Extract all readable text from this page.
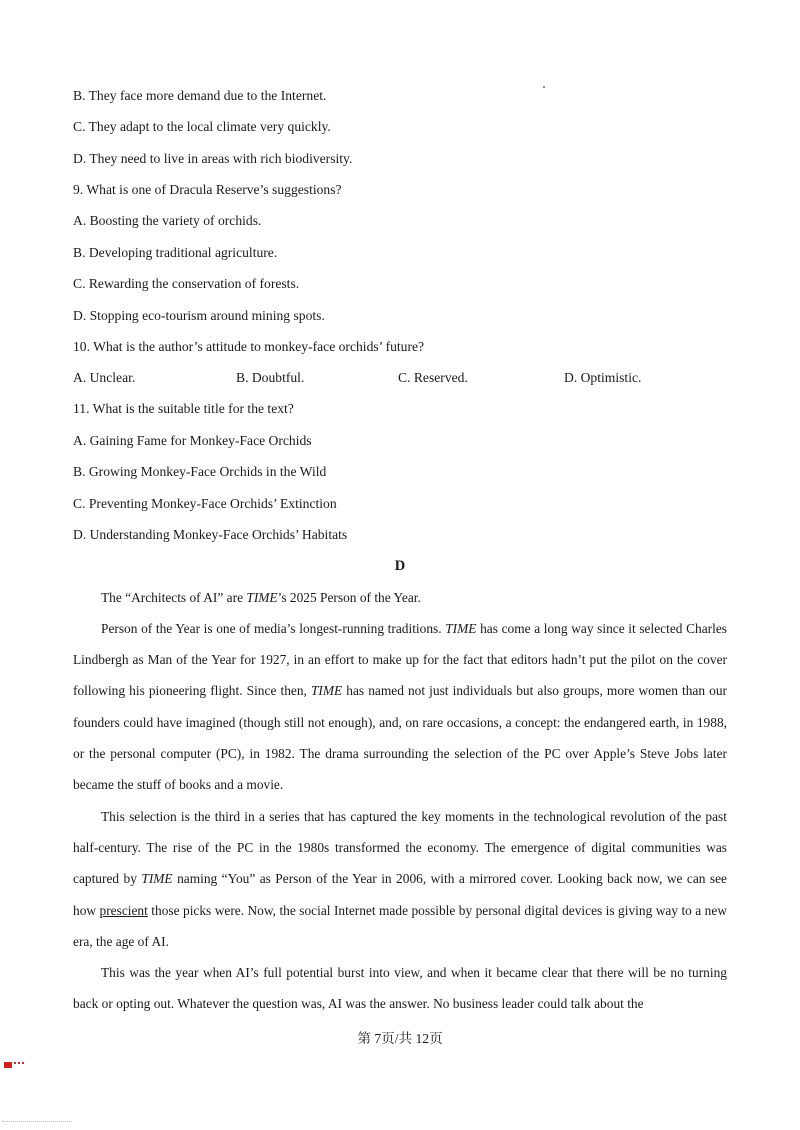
B. They face more demand due to the Internet.
C. They adapt to the local climate very quickly.
D. They need to live in areas with rich biodiversity.
9. What is one of Dracula Reserve’s suggestions?
A. Boosting the variety of orchids.
B. Developing traditional agriculture.
C. Rewarding the conservation of forests.
D. Stopping eco-tourism around mining spots.
10. What is the author’s attitude to monkey-face orchids’ future?
A. Unclear.	B. Doubtful.	C. Reserved.	D. Optimistic.
11. What is the suitable title for the text?
A. Gaining Fame for Monkey-Face Orchids
B. Growing Monkey-Face Orchids in the Wild
C. Preventing Monkey-Face Orchids’ Extinction
D. Understanding Monkey-Face Orchids’ Habitats
D

The “Architects of AI” are TIME’s 2025 Person of the Year.

Person of the Year is one of media’s longest-running traditions. TIME has come a long way since it selected Charles Lindbergh as Man of the Year for 1927, in an effort to make up for the fact that editors hadn’t put the pilot on the cover following his pioneering flight. Since then, TIME has named not just individuals but also groups, more women than our founders could have imagined (though still not enough), and, on rare occasions, a concept: the endangered earth, in 1988, or the personal computer (PC), in 1982. The drama surrounding the selection of the PC over Apple’s Steve Jobs later became the stuff of books and a movie.

This selection is the third in a series that has captured the key moments in the technological revolution of the past half-century. The rise of the PC in the 1980s transformed the economy. The emergence of digital communities was captured by TIME naming “You” as Person of the Year in 2006, with a mirrored cover. Looking back now, we can see how prescient those picks were. Now, the social Internet made possible by personal digital devices is giving way to a new era, the age of AI.

This was the year when AI’s full potential burst into view, and when it became clear that there will be no turning back or opting out. Whatever the question was, AI was the answer. No business leader could talk about the

第 7页/共 12页
